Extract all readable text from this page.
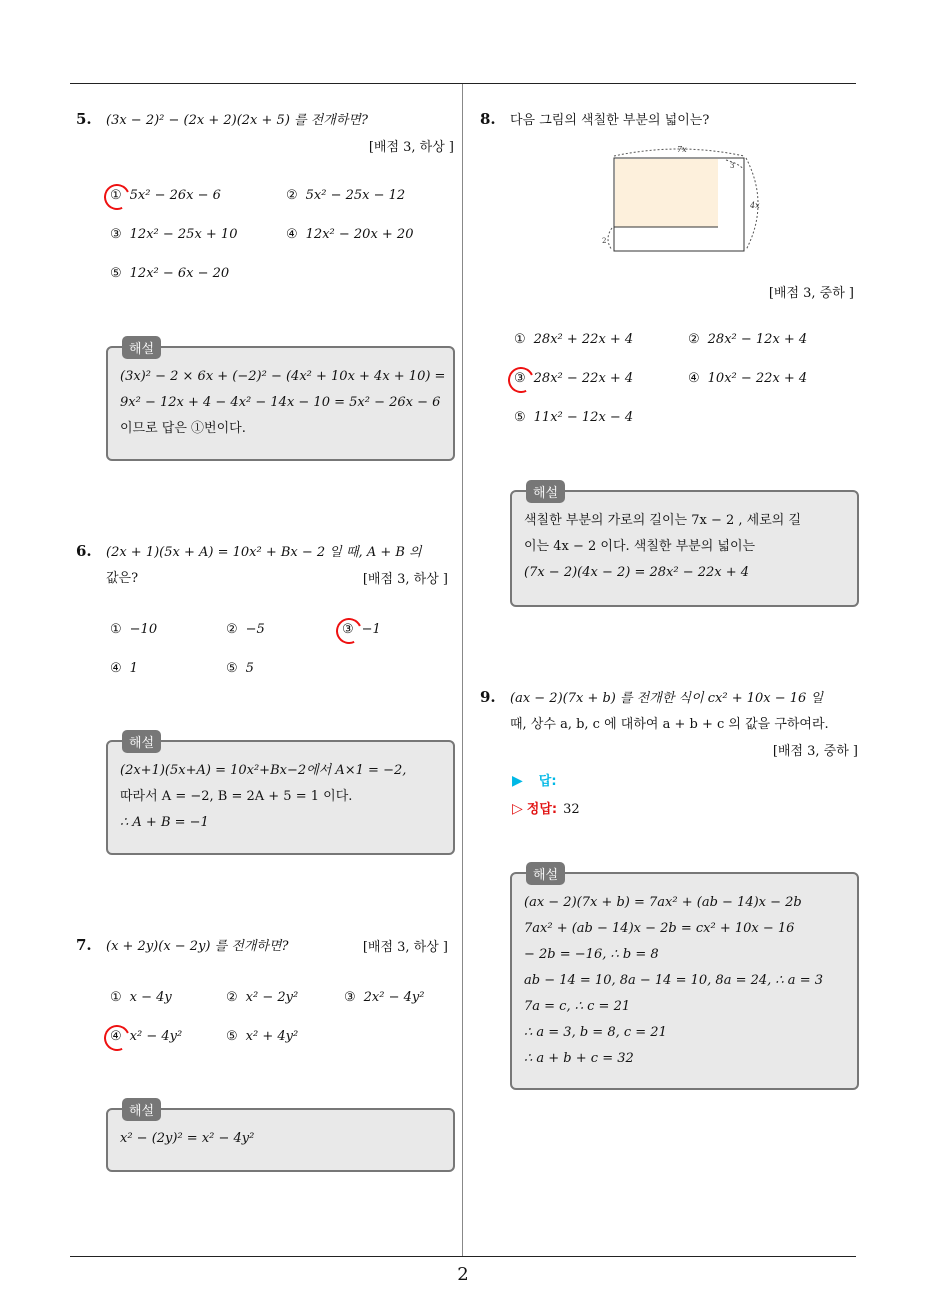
2
5. (3x − 2)² − (2x + 2)(2x + 5) 를 전개하면?
[배점 3, 하상 ]
① 5x² − 26x − 6	② 5x² − 25x − 12
③ 12x² − 25x + 10	④ 12x² − 20x + 20
⑤ 12x² − 6x − 20
해설
(3x)² − 2 × 6x + (−2)² − (4x² + 10x + 4x + 10) =
9x² − 12x + 4 − 4x² − 14x − 10 = 5x² − 26x − 6
이므로 답은 ①번이다.
6. (2x + 1)(5x + A) = 10x² + Bx − 2 일 때, A + B 의
값은?	[배점 3, 하상 ]
① −10	② −5	③ −1
④ 1	⑤ 5
해설
(2x+1)(5x+A) = 10x²+Bx−2에서 A×1 = −2,
따라서 A = −2, B = 2A + 5 = 1 이다.
∴ A + B = −1
7. (x + 2y)(x − 2y) 를 전개하면?	[배점 3, 하상 ]
① x − 4y	② x² − 2y²	③ 2x² − 4y²
④ x² − 4y²	⑤ x² + 4y²
해설
x² − (2y)² = x² − 4y²
8. 다음 그림의 색칠한 부분의 넓이는?
7x
3
4x
2
[배점 3, 중하 ]
① 28x² + 22x + 4	② 28x² − 12x + 4
③ 28x² − 22x + 4	④ 10x² − 22x + 4
⑤ 11x² − 12x − 4
해설
색칠한 부분의 가로의 길이는 7x − 2 , 세로의 길
이는 4x − 2 이다. 색칠한 부분의 넓이는
(7x − 2)(4x − 2) = 28x² − 22x + 4
9. (ax − 2)(7x + b) 를 전개한 식이 cx² + 10x − 16 일
때, 상수 a, b, c 에 대하여 a + b + c 의 값을 구하여라.
[배점 3, 중하 ]
▶ 답:
▷ 정답: 32
해설
(ax − 2)(7x + b) = 7ax² + (ab − 14)x − 2b
7ax² + (ab − 14)x − 2b = cx² + 10x − 16
− 2b = −16, ∴ b = 8
ab − 14 = 10, 8a − 14 = 10, 8a = 24, ∴ a = 3
7a = c, ∴ c = 21
∴ a = 3, b = 8, c = 21
∴ a + b + c = 32
